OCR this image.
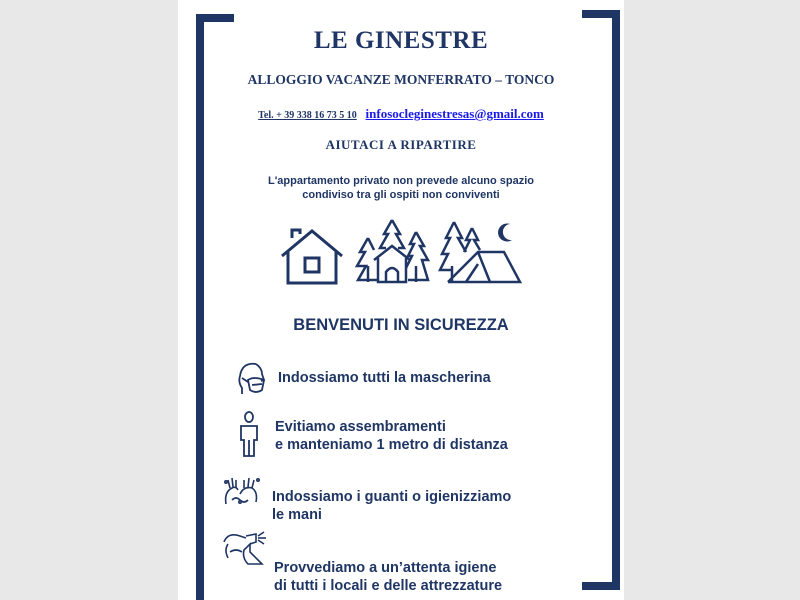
LE GINESTRE
ALLOGGIO VACANZE MONFERRATO – TONCO
Tel. + 39 338 16 73 5 10 infosocleginestresas@gmail.com
AIUTACI A RIPARTIRE
L'appartamento privato non prevede alcuno spazio
condiviso tra gli ospiti non conviventi
BENVENUTI IN SICUREZZA
Indossiamo tutti la mascherina
Evitiamo assembramenti
e manteniamo 1 metro di distanza
Indossiamo i guanti o igienizziamo
le mani
Provvediamo a un’attenta igiene
di tutti i locali e delle attrezzature
